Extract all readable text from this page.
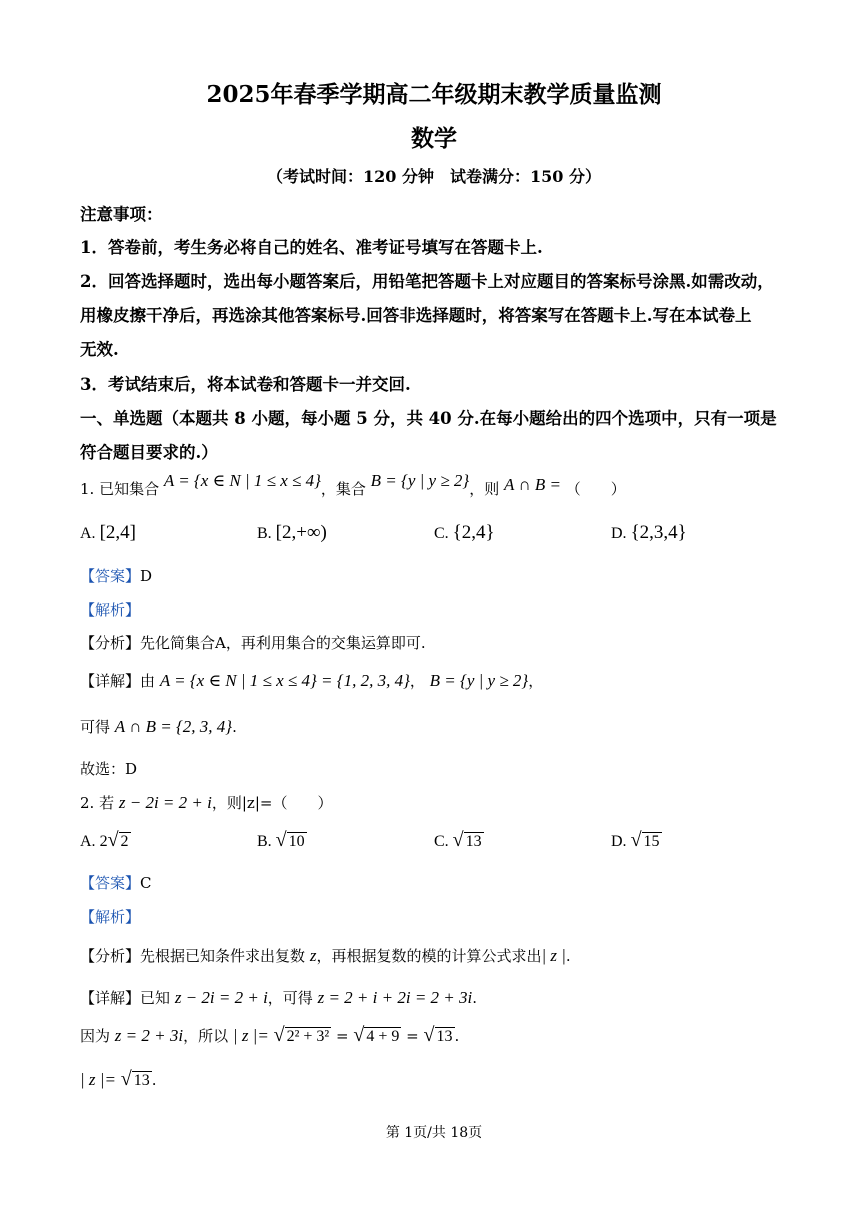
2025年春季学期高二年级期末教学质量监测
数学
（考试时间：120 分钟　试卷满分：150 分）
注意事项：
1．答卷前，考生务必将自己的姓名、准考证号填写在答题卡上.
2．回答选择题时，选出每小题答案后，用铅笔把答题卡上对应题目的答案标号涂黑.如需改动，
用橡皮擦干净后，再选涂其他答案标号.回答非选择题时，将答案写在答题卡上.写在本试卷上
无效.
3．考试结束后，将本试卷和答题卡一并交回.
一、单选题（本题共 8 小题，每小题 5 分，共 40 分.在每小题给出的四个选项中，只有一项是
符合题目要求的.）
1. 已知集合 A = {x ∈ N | 1 ≤ x ≤ 4}，集合 B = {y | y ≥ 2}，则 A ∩ B = （　　）
A. [2,4]	B. [2,+∞)	C. {2,4}	D. {2,3,4}
【答案】D
【解析】
【分析】先化简集合A，再利用集合的交集运算即可.
【详解】由 A = {x ∈ N | 1 ≤ x ≤ 4} = {1, 2, 3, 4}， B = {y | y ≥ 2}，
可得 A ∩ B = {2, 3, 4}.
故选：D
2. 若 z − 2i = 2 + i，则|z|=（　　）
A. 2√ 2	B. √ 10	C. √ 13	D. √ 15
【答案】C
【解析】
【分析】先根据已知条件求出复数 z，再根据复数的模的计算公式求出| z |.
【详解】已知 z − 2i = 2 + i，可得 z = 2 + i + 2i = 2 + 3i.
因为 z = 2 + 3i，所以 | z |= √ 2² + 3² = √ 4 + 9 = √ 13 .
| z |= √ 13 .
第 1页/共 18页
